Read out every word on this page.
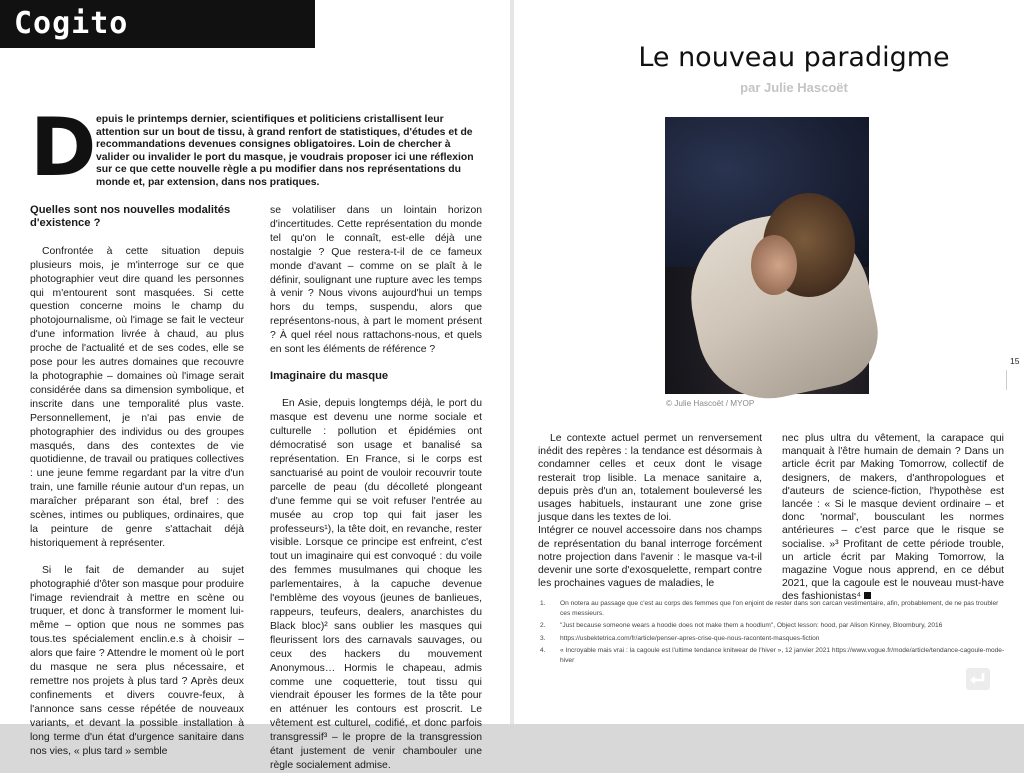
Cogito
D epuis le printemps dernier, scientifiques et politiciens cristallisent leur attention sur un bout de tissu, à grand renfort de statistiques, d'études et de recommandations devenues consignes obligatoires. Loin de chercher à valider ou invalider le port du masque, je voudrais proposer ici une réflexion sur ce que cette nouvelle règle a pu modifier dans nos représentations du monde et, par extension, dans nos pratiques.
Quelles sont nos nouvelles modalités d'existence ?

Confrontée à cette situation depuis plusieurs mois, je m'interroge sur ce que photographier veut dire quand les personnes qui m'entourent sont masquées. Si cette question concerne moins le champ du photojournalisme, où l'image se fait le vecteur d'une information livrée à chaud, au plus proche de l'actualité et de ses codes, elle se pose pour les autres domaines que recouvre la photographie – domaines où l'image serait considérée dans sa dimension symbolique, et inscrite dans une temporalité plus vaste. Personnellement, je n'ai pas envie de photographier des individus ou des groupes masqués, dans des contextes de vie quotidienne, de travail ou pratiques collectives : une jeune femme regardant par la vitre d'un train, une famille réunie autour d'un repas, un maraîcher préparant son étal, bref : des scènes, intimes ou publiques, ordinaires, que la peinture de genre s'attachait déjà historiquement à représenter.

Si le fait de demander au sujet photographié d'ôter son masque pour produire l'image reviendrait à mettre en scène ou truquer, et donc à transformer le moment lui-même – option que nous ne sommes pas tous.tes spécialement enclin.e.s à choisir – alors que faire ? Attendre le moment où le port du masque ne sera plus nécessaire, et remettre nos projets à plus tard ? Après deux confinements et divers couvre-feux, à l'annonce sans cesse répétée de nouveaux variants, et devant la possible installation à long terme d'un état d'urgence sanitaire dans nos vies, « plus tard » semble

se volatiliser dans un lointain horizon d'incertitudes. Cette représentation du monde tel qu'on le connaît, est-elle déjà une nostalgie ? Que restera-t-il de ce fameux monde d'avant – comme on se plaît à le définir, soulignant une rupture avec les temps à venir ? Nous vivons aujourd'hui un temps hors du temps, suspendu, alors que représentons-nous, à part le moment présent ? À quel réel nous rattachons-nous, et quels en sont les éléments de référence ?

Imaginaire du masque

En Asie, depuis longtemps déjà, le port du masque est devenu une norme sociale et culturelle : pollution et épidémies ont démocratisé son usage et banalisé sa représentation. En France, si le corps est sanctuarisé au point de vouloir recouvrir toute parcelle de peau (du décolleté plongeant d'une femme qui se voit refuser l'entrée au musée au crop top qui fait jaser les professeurs¹), la tête doit, en revanche, rester visible. Lorsque ce principe est enfreint, c'est tout un imaginaire qui est convoqué : du voile des femmes musulmanes qui choque les parlementaires, à la capuche devenue l'emblème des voyous (jeunes de banlieues, rappeurs, teufeurs, dealers, anarchistes du Black bloc)² sans oublier les masques qui fleurissent lors des carnavals sauvages, ou ceux des hackers du mouvement Anonymous… Hormis le chapeau, admis comme une coquetterie, tout tissu qui viendrait épouser les formes de la tête pour en atténuer les contours est proscrit. Le vêtement est culturel, codifié, et donc parfois transgressif³ – le propre de la transgression étant justement de venir chambouler une règle socialement admise.

Le nouveau paradigme
par Julie Hascoët
© Julie Hascoët / MYOP
15

Le contexte actuel permet un renversement inédit des repères : la tendance est désormais à condamner celles et ceux dont le visage resterait trop lisible. La menace sanitaire a, depuis près d'un an, totalement bouleversé les usages habituels, instaurant une zone grise jusque dans les textes de loi.

Intégrer ce nouvel accessoire dans nos champs de représentation du banal interroge forcément notre projection dans l'avenir : le masque va-t-il devenir une sorte d'exosquelette, rempart contre les prochaines vagues de maladies, le

nec plus ultra du vêtement, la carapace qui manquait à l'être humain de demain ? Dans un article écrit par Making Tomorrow, collectif de designers, de makers, d'anthropologues et d'auteurs de science-fiction, l'hypothèse est lancée : « Si le masque devient ordinaire – et donc 'normal', bousculant les normes antérieures – c'est parce que le risque se socialise. »³ Profitant de cette période trouble, un article écrit par Making Tomorrow, la magazine Vogue nous apprend, en ce début 2021, que la cagoule est le nouveau must-have des fashionistas⁴

1. On notera au passage que c'est au corps des femmes que l'on enjoint de rester dans son carcan vestimentaire, afin, probablement, de ne pas troubler ces messieurs.
2. "Just because someone wears a hoodie does not make them a hoodlum", Object lesson: hood, par Alison Kinney, Bloombury, 2016
3. https://usbektetrica.com/fr/article/penser-apres-crise-que-nous-racontent-masques-fiction
4. « Incroyable mais vrai : la cagoule est l'ultime tendance knitwear de l'hiver », 12 janvier 2021 https://www.vogue.fr/mode/article/tendance-cagoule-mode-hiver
